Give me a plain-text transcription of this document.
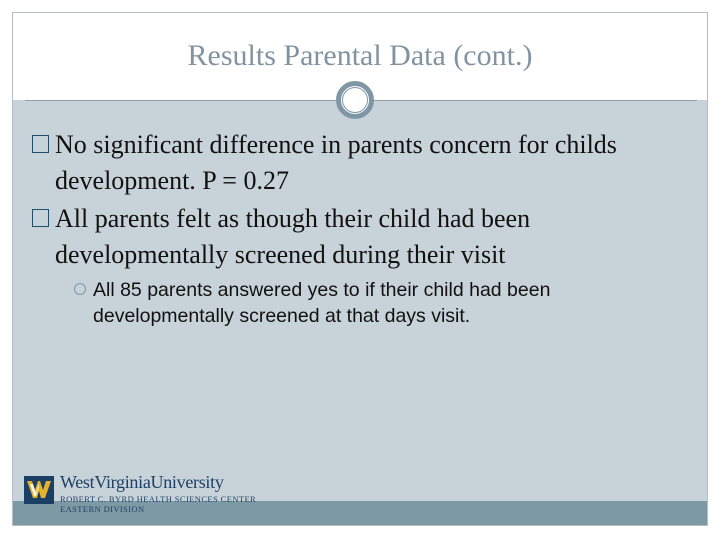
Results Parental Data (cont.)
No significant difference in parents concern for childs development. P = 0.27
All parents felt as though their child had been developmentally screened during their visit
All 85 parents answered yes to if their child had been developmentally screened at that days visit.
WestVirginiaUniversity
ROBERT C. BYRD HEALTH SCIENCES CENTER
EASTERN DIVISION
